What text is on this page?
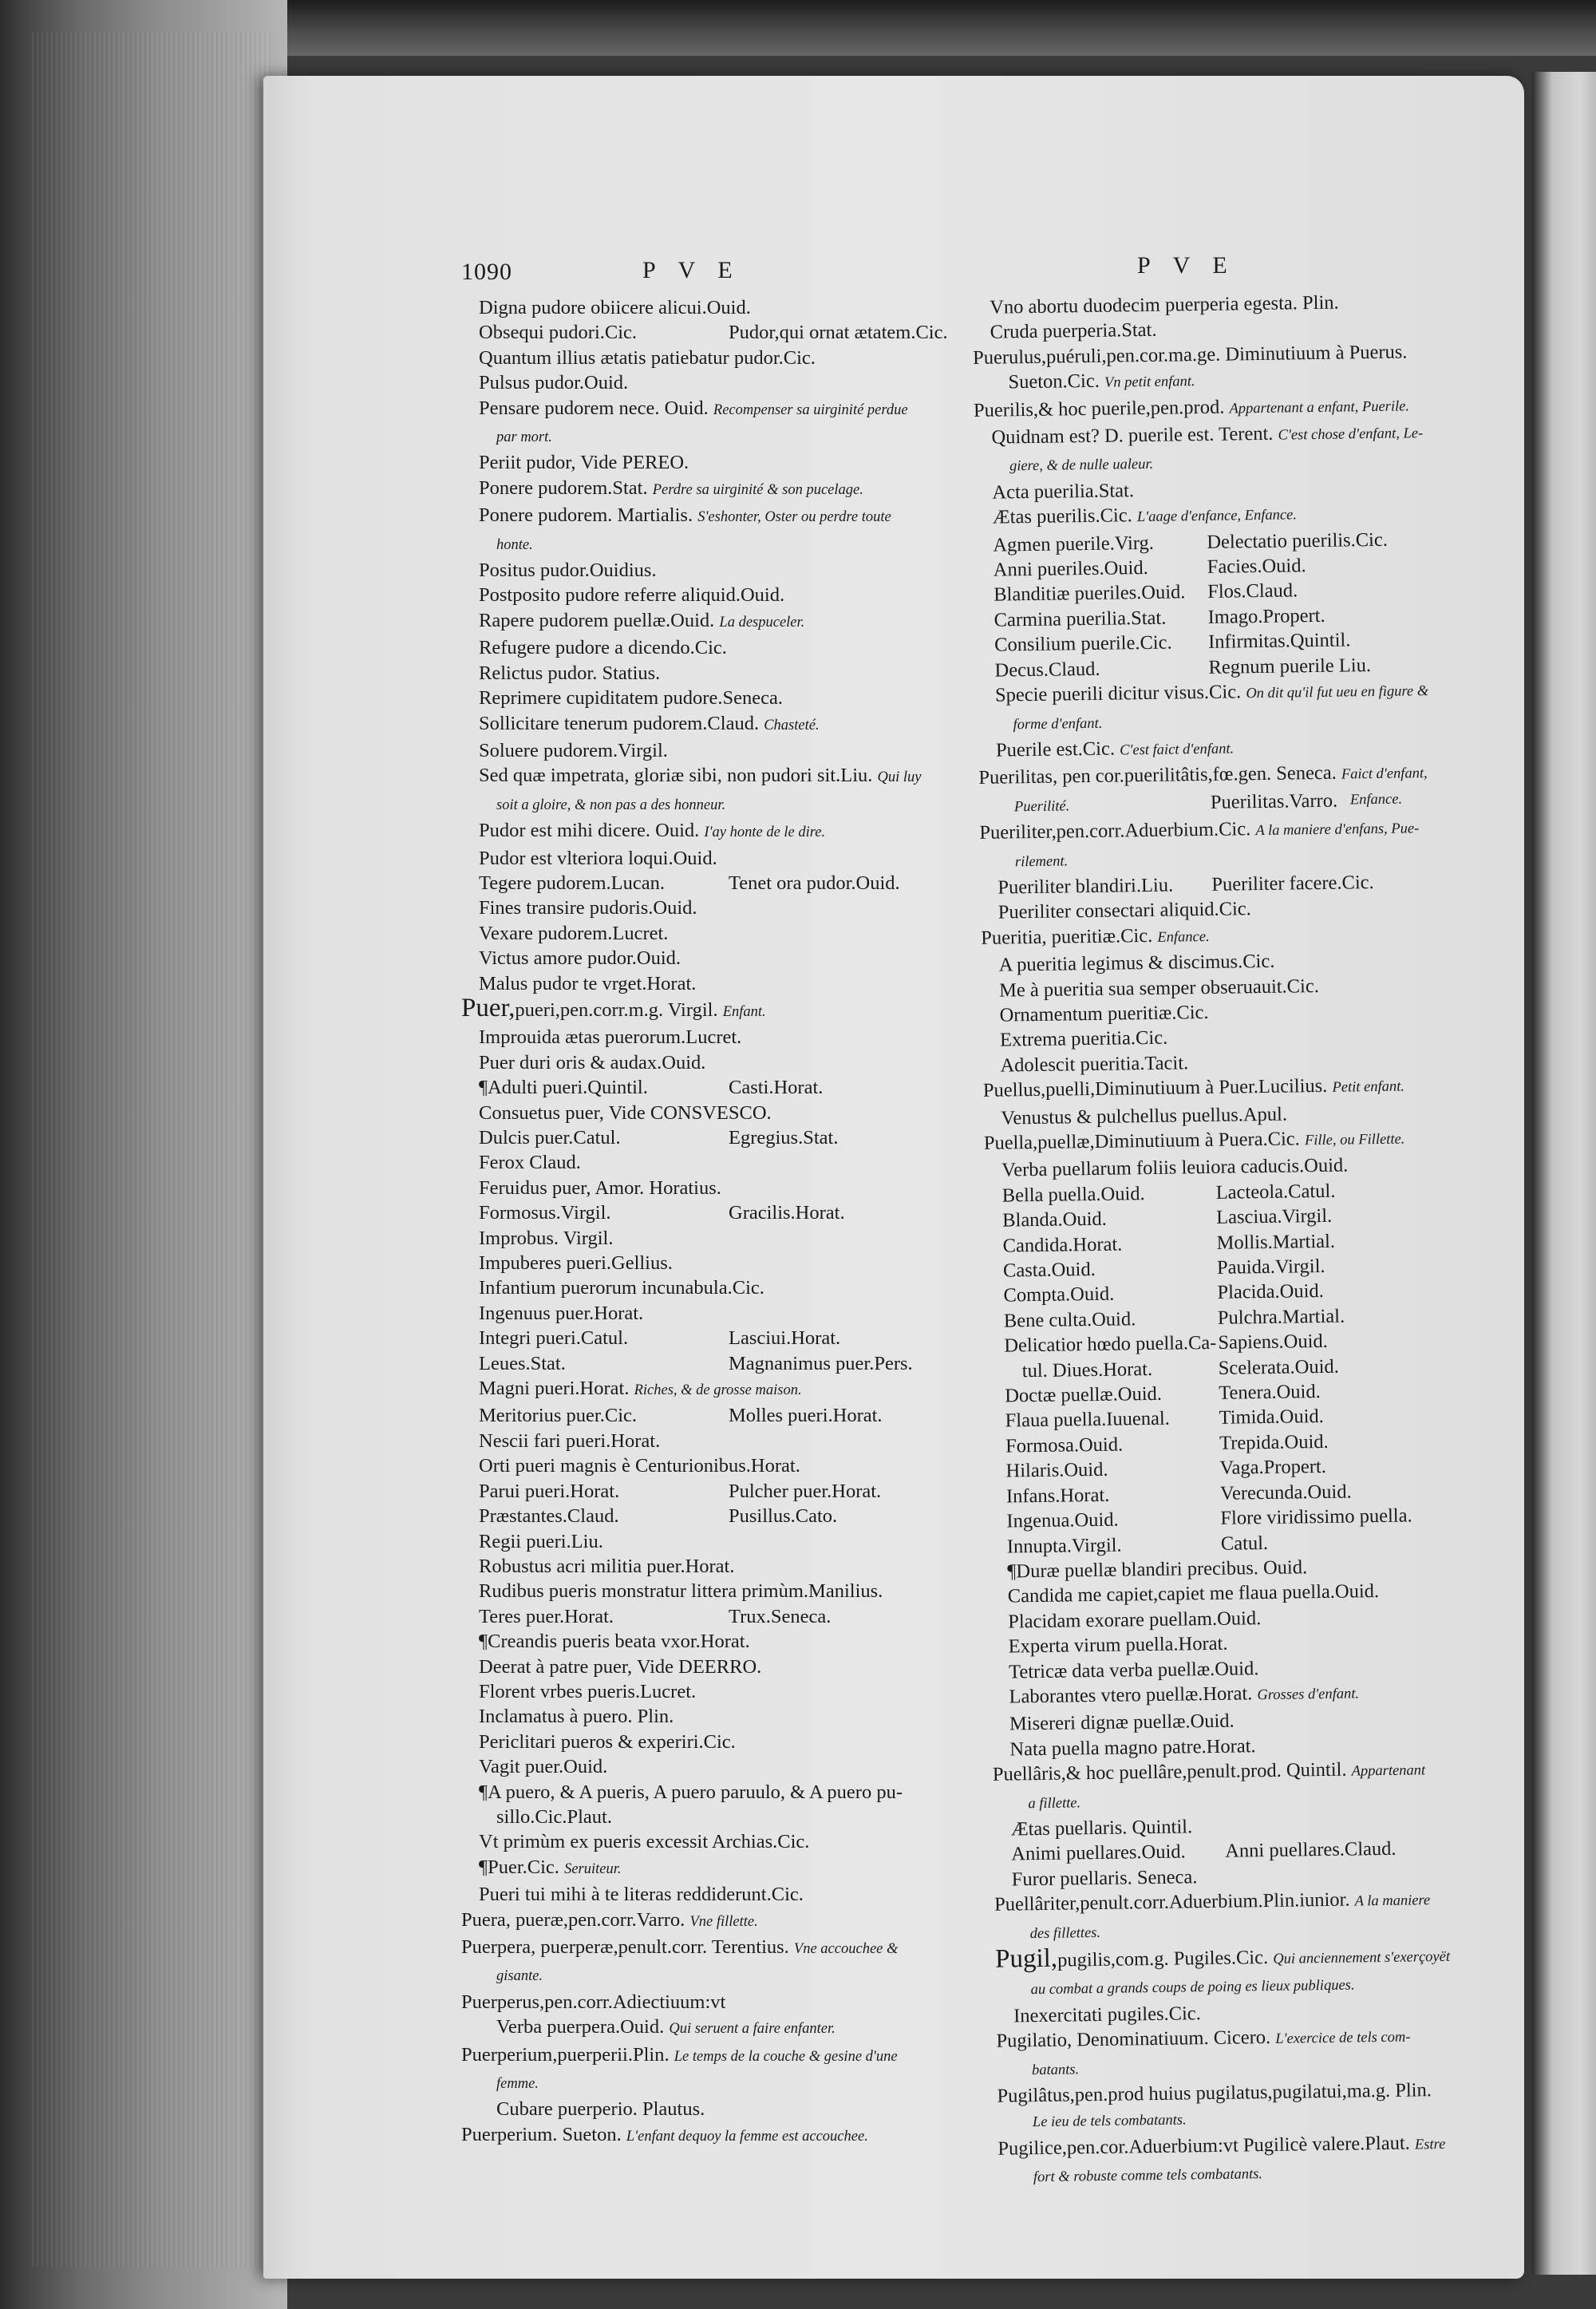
1090	PVE	PVE
Digna pudore obiicere alicui.Ouid.
Obsequi pudori.Cic.	Pudor,qui ornat ætatem.Cic.
Quantum illius ætatis patiebatur pudor.Cic.
Pulsus pudor.Ouid.
Pensare pudorem nece. Ouid. Recompenser sa uirginité perdue
par mort.
Periit pudor, Vide PEREO.
Ponere pudorem.Stat. Perdre sa uirginité & son pucelage.
Ponere pudorem. Martialis. S'eshonter, Oster ou perdre toute
honte.
Positus pudor.Ouidius.
Postposito pudore referre aliquid.Ouid.
Rapere pudorem puellæ.Ouid. La despuceler.
Refugere pudore a dicendo.Cic.
Relictus pudor. Statius.
Reprimere cupiditatem pudore.Seneca.
Sollicitare tenerum pudorem.Claud. Chasteté.
Soluere pudorem.Virgil.
Sed quæ impetrata, gloriæ sibi, non pudori sit.Liu. Qui luy
soit a gloire, & non pas a des honneur.
Pudor est mihi dicere. Ouid. I'ay honte de le dire.
Pudor est vlteriora loqui.Ouid.
Tegere pudorem.Lucan.	Tenet ora pudor.Ouid.
Fines transire pudoris.Ouid.
Vexare pudorem.Lucret.
Victus amore pudor.Ouid.
Malus pudor te vrget.Horat.
Puer,pueri,pen.corr.m.g. Virgil. Enfant.
Improuida ætas puerorum.Lucret.
Puer duri oris & audax.Ouid.
¶Adulti pueri.Quintil.	Casti.Horat.
Consuetus puer, Vide CONSVESCO.
Dulcis puer.Catul.	Egregius.Stat.
Ferox Claud.
Feruidus puer, Amor. Horatius.
Formosus.Virgil.	Gracilis.Horat.
Improbus. Virgil.
Impuberes pueri.Gellius.
Infantium puerorum incunabula.Cic.
Ingenuus puer.Horat.
Integri pueri.Catul.	Lasciui.Horat.
Leues.Stat.	Magnanimus puer.Pers.
Magni pueri.Horat. Riches, & de grosse maison.
Meritorius puer.Cic.	Molles pueri.Horat.
Nescii fari pueri.Horat.
Orti pueri magnis è Centurionibus.Horat.
Parui pueri.Horat.	Pulcher puer.Horat.
Præstantes.Claud.	Pusillus.Cato.
Regii pueri.Liu.
Robustus acri militia puer.Horat.
Rudibus pueris monstratur littera primùm.Manilius.
Teres puer.Horat.	Trux.Seneca.
¶Creandis pueris beata vxor.Horat.
Deerat à patre puer, Vide DEERRO.
Florent vrbes pueris.Lucret.
Inclamatus à puero. Plin.
Periclitari pueros & experiri.Cic.
Vagit puer.Ouid.
¶A puero, & A pueris, A puero paruulo, & A puero pu-
sillo.Cic.Plaut.
Vt primùm ex pueris excessit Archias.Cic.
¶Puer.Cic. Seruiteur.
Pueri tui mihi à te literas reddiderunt.Cic.
Puera, pueræ,pen.corr.Varro. Vne fillette.
Puerpera, puerperæ,penult.corr. Terentius. Vne accouchee &
gisante.
Puerperus,pen.corr.Adiectiuum:vt
Verba puerpera.Ouid. Qui seruent a faire enfanter.
Puerperium,puerperii.Plin. Le temps de la couche & gesine d'une
femme.
Cubare puerperio. Plautus.
Puerperium. Sueton. L'enfant dequoy la femme est accouchee.
Vno abortu duodecim puerperia egesta. Plin.
Cruda puerperia.Stat.
Puerulus,puéruli,pen.cor.ma.ge. Diminutiuum à Puerus.
Sueton.Cic. Vn petit enfant.
Puerilis,& hoc puerile,pen.prod. Appartenant a enfant, Puerile.
Quidnam est? D. puerile est. Terent. C'est chose d'enfant, Le-
giere, & de nulle ualeur.
Acta puerilia.Stat.
Ætas puerilis.Cic. L'aage d'enfance, Enfance.
Agmen puerile.Virg.	Delectatio puerilis.Cic.
Anni pueriles.Ouid.	Facies.Ouid.
Blanditiæ pueriles.Ouid. Flos.Claud.
Carmina puerilia.Stat. Imago.Propert.
Consilium puerile.Cic. Infirmitas.Quintil.
Decus.Claud.	Regnum puerile Liu.
Specie puerili dicitur visus.Cic. On dit qu'il fut ueu en figure &
forme d'enfant.
Puerile est.Cic. C'est faict d'enfant.
Puerilitas, pen cor.puerilitâtis,fœ.gen. Seneca. Faict d'enfant,
Puerilité.	Puerilitas.Varro. Enfance.
Pueriliter,pen.corr.Aduerbium.Cic. A la maniere d'enfans, Pue-
rilement.
Pueriliter blandiri.Liu. Pueriliter facere.Cic.
Pueriliter consectari aliquid.Cic.
Pueritia, pueritiæ.Cic. Enfance.
A pueritia legimus & discimus.Cic.
Me à pueritia sua semper obseruauit.Cic.
Ornamentum pueritiæ.Cic.
Extrema pueritia.Cic.
Adolescit pueritia.Tacit.
Puellus,puelli,Diminutiuum à Puer.Lucilius. Petit enfant.
Venustus & pulchellus puellus.Apul.
Puella,puellæ,Diminutiuum à Puera.Cic. Fille, ou Fillette.
Verba puellarum foliis leuiora caducis.Ouid.
Bella puella.Ouid.	Lacteola.Catul.
Blanda.Ouid.	Lasciua.Virgil.
Candida.Horat.	Mollis.Martial.
Casta.Ouid.	Pauida.Virgil.
Compta.Ouid.	Placida.Ouid.
Bene culta.Ouid.	Pulchra.Martial.
Delicatior hœdo puella.Ca- Sapiens.Ouid.
tul. Diues.Horat.	Scelerata.Ouid.
Doctæ puellæ.Ouid.	Tenera.Ouid.
Flaua puella.Iuuenal.	Timida.Ouid.
Formosa.Ouid.	Trepida.Ouid.
Hilaris.Ouid.	Vaga.Propert.
Infans.Horat.	Verecunda.Ouid.
Ingenua.Ouid.	Flore viridissimo puella.
Innupta.Virgil.	Catul.
¶Duræ puellæ blandiri precibus. Ouid.
Candida me capiet,capiet me flaua puella.Ouid.
Placidam exorare puellam.Ouid.
Experta virum puella.Horat.
Tetricæ data verba puellæ.Ouid.
Laborantes vtero puellæ.Horat. Grosses d'enfant.
Misereri dignæ puellæ.Ouid.
Nata puella magno patre.Horat.
Puellâris,& hoc puellâre,penult.prod. Quintil. Appartenant
a fillette.
Ætas puellaris. Quintil.
Animi puellares.Ouid. Anni puellares.Claud.
Furor puellaris. Seneca.
Puellâriter,penult.corr.Aduerbium.Plin.iunior. A la maniere
des fillettes.
Pugil,pugilis,com.g. Pugiles.Cic. Qui anciennement s'exerçoyët
au combat a grands coups de poing es lieux publiques.
Inexercitati pugiles.Cic.
Pugilatio, Denominatiuum. Cicero. L'exercice de tels com-
batants.
Pugilâtus,pen.prod huius pugilatus,pugilatui,ma.g. Plin.
Le ieu de tels combatants.
Pugilice,pen.cor.Aduerbium:vt Pugilicè valere.Plaut. Estre
fort & robuste comme tels combatants.
